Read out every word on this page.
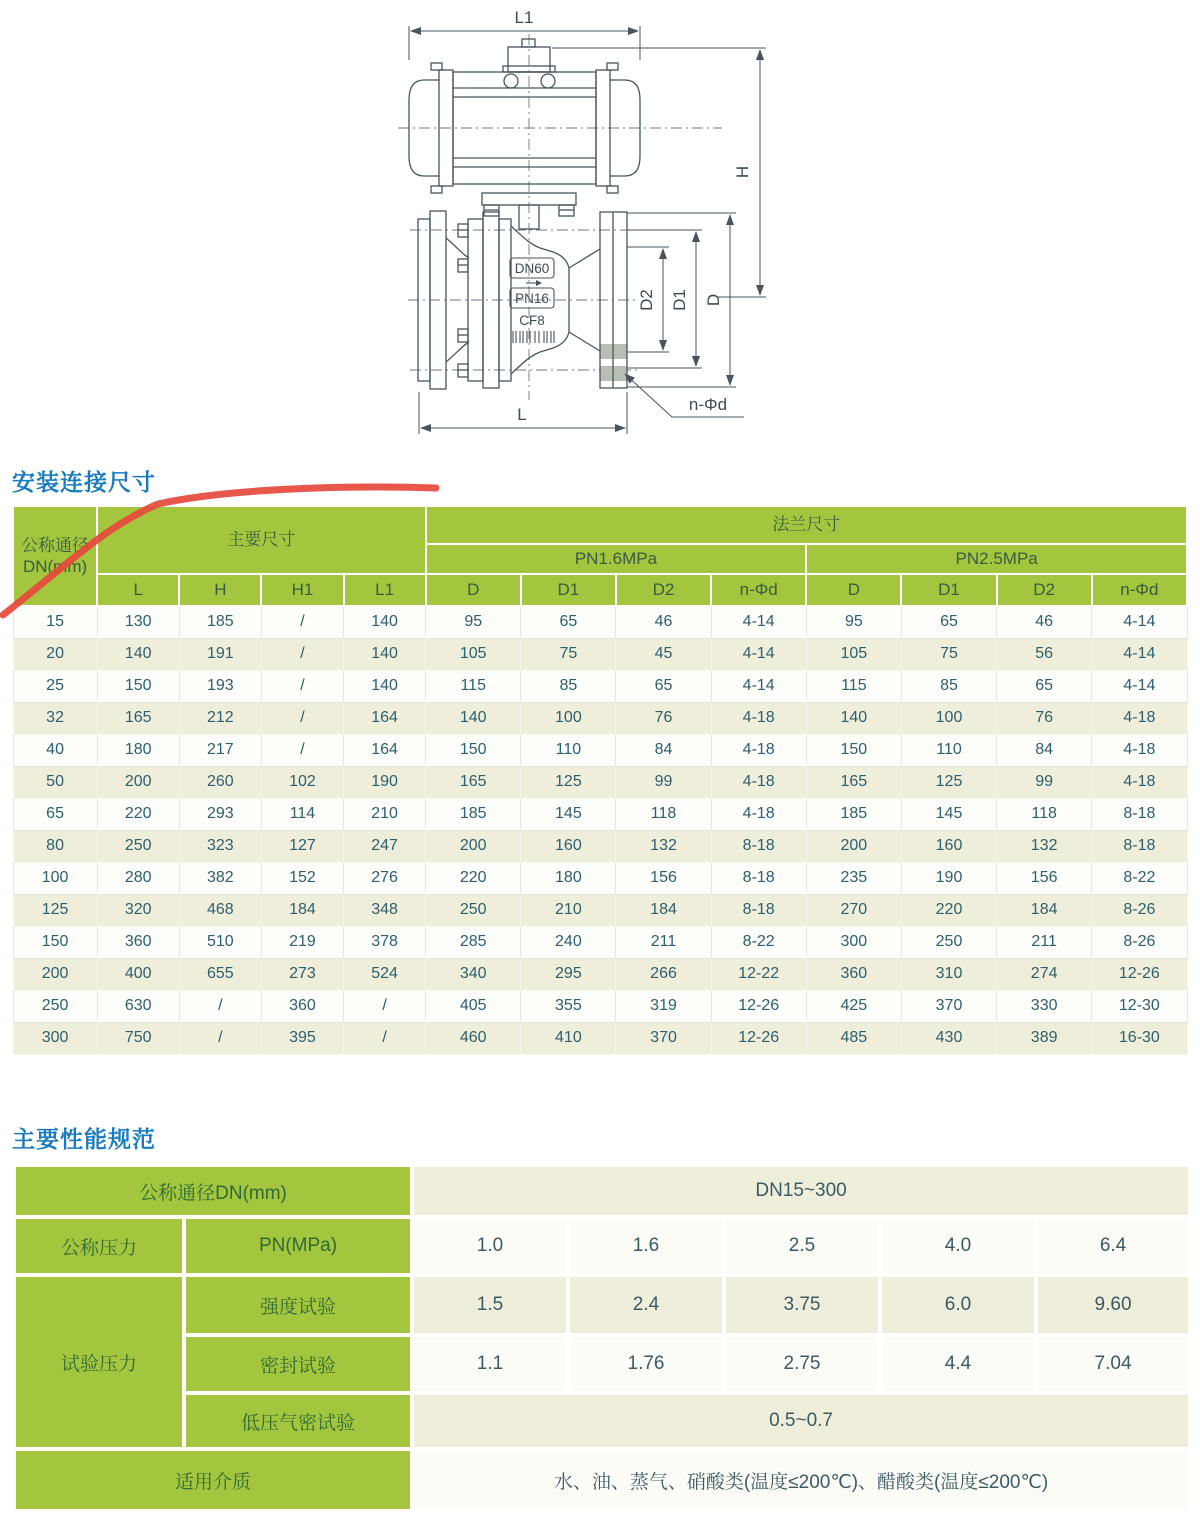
DN60
PN16
CF8
L1
H
D
D1
D2
L
n-Φd
安装连接尺寸
主要性能规范
公称通径DN(mm)	主要尺寸				法兰尺寸							
					PN1.6MPa				PN2.5MPa			
	L	H	H1	L1	D	D1	D2	n-Φd	D	D1	D2	n-Φd
15	130	185	/	140	95	65	46	4-14	95	65	46	4-14
20	140	191	/	140	105	75	45	4-14	105	75	56	4-14
25	150	193	/	140	115	85	65	4-14	115	85	65	4-14
32	165	212	/	164	140	100	76	4-18	140	100	76	4-18
40	180	217	/	164	150	110	84	4-18	150	110	84	4-18
50	200	260	102	190	165	125	99	4-18	165	125	99	4-18
65	220	293	114	210	185	145	118	4-18	185	145	118	8-18
80	250	323	127	247	200	160	132	8-18	200	160	132	8-18
100	280	382	152	276	220	180	156	8-18	235	190	156	8-22
125	320	468	184	348	250	210	184	8-18	270	220	184	8-26
150	360	510	219	378	285	240	211	8-22	300	250	211	8-26
200	400	655	273	524	340	295	266	12-22	360	310	274	12-26
250	630	/	360	/	405	355	319	12-26	425	370	330	12-30
300	750	/	395	/	460	410	370	12-26	485	430	389	16-30
公称通径DN(mm)		DN15~300				
公称压力	PN(MPa)	1.0	1.6	2.5	4.0	6.4
试验压力	强度试验	1.5	2.4	3.75	6.0	9.60
	密封试验	1.1	1.76	2.75	4.4	7.04
	低压气密试验	0.5~0.7				
适用介质		水、油、蒸气、硝酸类(温度≤200℃)、醋酸类(温度≤200℃)				
